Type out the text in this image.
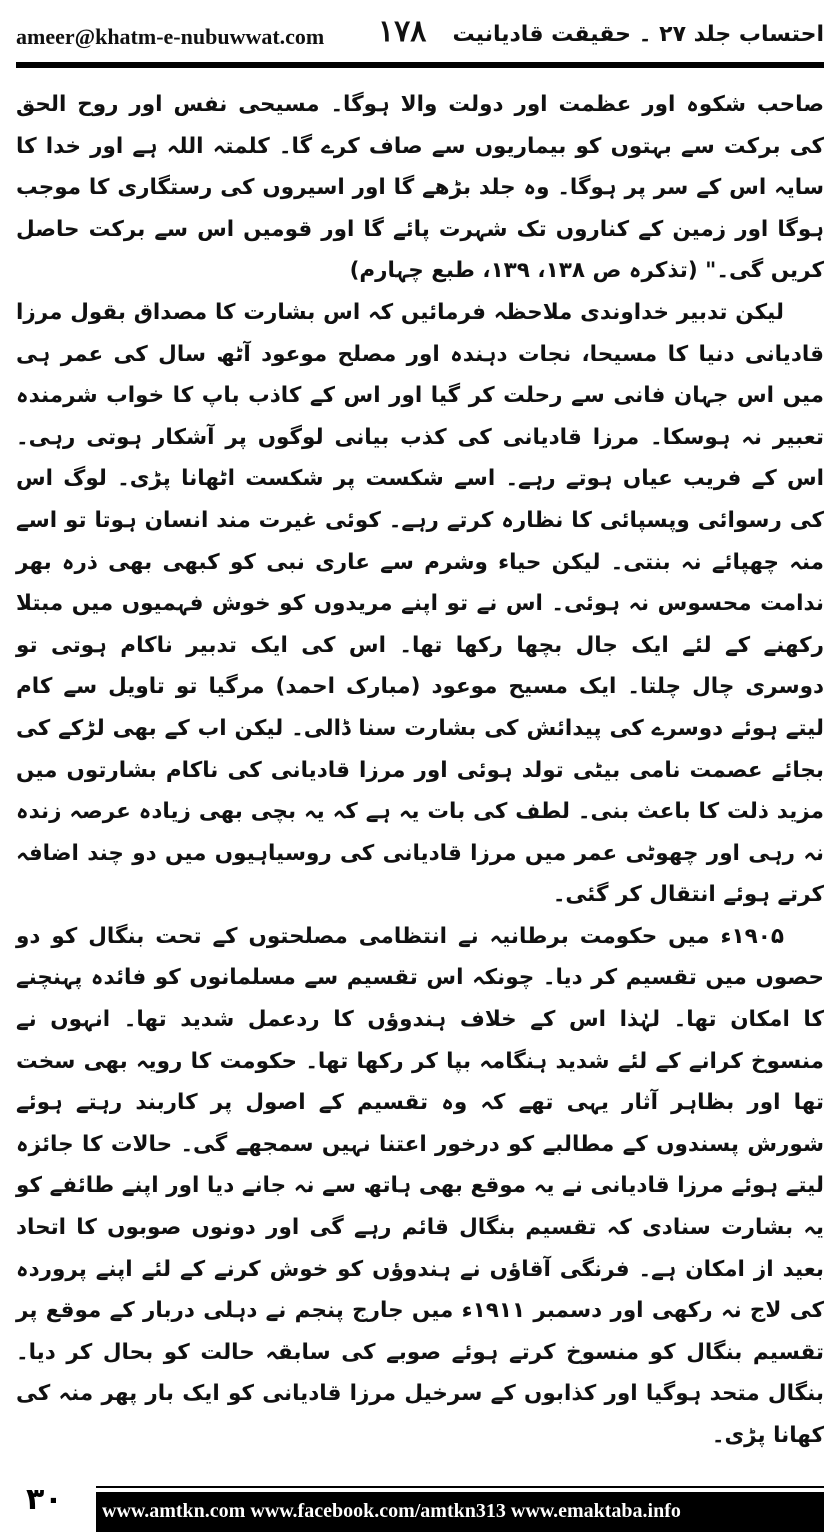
ameer@khatm-e-nubuwwat.com ۱۷۸ احتساب جلد ۲۷ ۔ حقیقت قادیانیت

صاحب شکوہ اور عظمت اور دولت والا ہوگا۔ مسیحی نفس اور روح الحق کی برکت سے بہتوں کو بیماریوں سے صاف کرے گا۔ کلمتہ اللہ ہے اور خدا کا سایہ اس کے سر پر ہوگا۔ وہ جلد بڑھے گا اور اسیروں کی رستگاری کا موجب ہوگا اور زمین کے کناروں تک شہرت پائے گا اور قومیں اس سے برکت حاصل کریں گی۔" (تذکرہ ص ۱۳۸، ۱۳۹، طبع چہارم)

لیکن تدبیر خداوندی ملاحظہ فرمائیں کہ اس بشارت کا مصداق بقول مرزا قادیانی دنیا کا مسیحا، نجات دہندہ اور مصلح موعود آٹھ سال کی عمر ہی میں اس جہان فانی سے رحلت کر گیا اور اس کے کاذب باپ کا خواب شرمندہ تعبیر نہ ہوسکا۔ مرزا قادیانی کی کذب بیانی لوگوں پر آشکار ہوتی رہی۔ اس کے فریب عیاں ہوتے رہے۔ اسے شکست پر شکست اٹھانا پڑی۔ لوگ اس کی رسوائی وپسپائی کا نظارہ کرتے رہے۔ کوئی غیرت مند انسان ہوتا تو اسے منہ چھپائے نہ بنتی۔ لیکن حیاء وشرم سے عاری نبی کو کبھی بھی ذرہ بھر ندامت محسوس نہ ہوئی۔ اس نے تو اپنے مریدوں کو خوش فہمیوں میں مبتلا رکھنے کے لئے ایک جال بچھا رکھا تھا۔ اس کی ایک تدبیر ناکام ہوتی تو دوسری چال چلتا۔ ایک مسیح موعود (مبارک احمد) مرگیا تو تاویل سے کام لیتے ہوئے دوسرے کی پیدائش کی بشارت سنا ڈالی۔ لیکن اب کے بھی لڑکے کی بجائے عصمت نامی بیٹی تولد ہوئی اور مرزا قادیانی کی ناکام بشارتوں میں مزید ذلت کا باعث بنی۔ لطف کی بات یہ ہے کہ یہ بچی بھی زیادہ عرصہ زندہ نہ رہی اور چھوٹی عمر میں مرزا قادیانی کی روسیاہیوں میں دو چند اضافہ کرتے ہوئے انتقال کر گئی۔

۱۹۰۵ء میں حکومت برطانیہ نے انتظامی مصلحتوں کے تحت بنگال کو دو حصوں میں تقسیم کر دیا۔ چونکہ اس تقسیم سے مسلمانوں کو فائدہ پہنچنے کا امکان تھا۔ لہٰذا اس کے خلاف ہندوؤں کا ردعمل شدید تھا۔ انہوں نے منسوخ کرانے کے لئے شدید ہنگامہ بپا کر رکھا تھا۔ حکومت کا رویہ بھی سخت تھا اور بظاہر آثار یہی تھے کہ وہ تقسیم کے اصول پر کاربند رہتے ہوئے شورش پسندوں کے مطالبے کو درخور اعتنا نہیں سمجھے گی۔ حالات کا جائزہ لیتے ہوئے مرزا قادیانی نے یہ موقع بھی ہاتھ سے نہ جانے دیا اور اپنے طائفے کو یہ بشارت سنادی کہ تقسیم بنگال قائم رہے گی اور دونوں صوبوں کا اتحاد بعید از امکان ہے۔ فرنگی آقاؤں نے ہندوؤں کو خوش کرنے کے لئے اپنے پروردہ کی لاج نہ رکھی اور دسمبر ۱۹۱۱ء میں جارج پنجم نے دہلی دربار کے موقع پر تقسیم بنگال کو منسوخ کرتے ہوئے صوبے کی سابقہ حالت کو بحال کر دیا۔ بنگال متحد ہوگیا اور کذابوں کے سرخیل مرزا قادیانی کو ایک بار پھر منہ کی کھانا پڑی۔

۳۰ www.amtkn.com www.facebook.com/amtkn313 www.emaktaba.info
